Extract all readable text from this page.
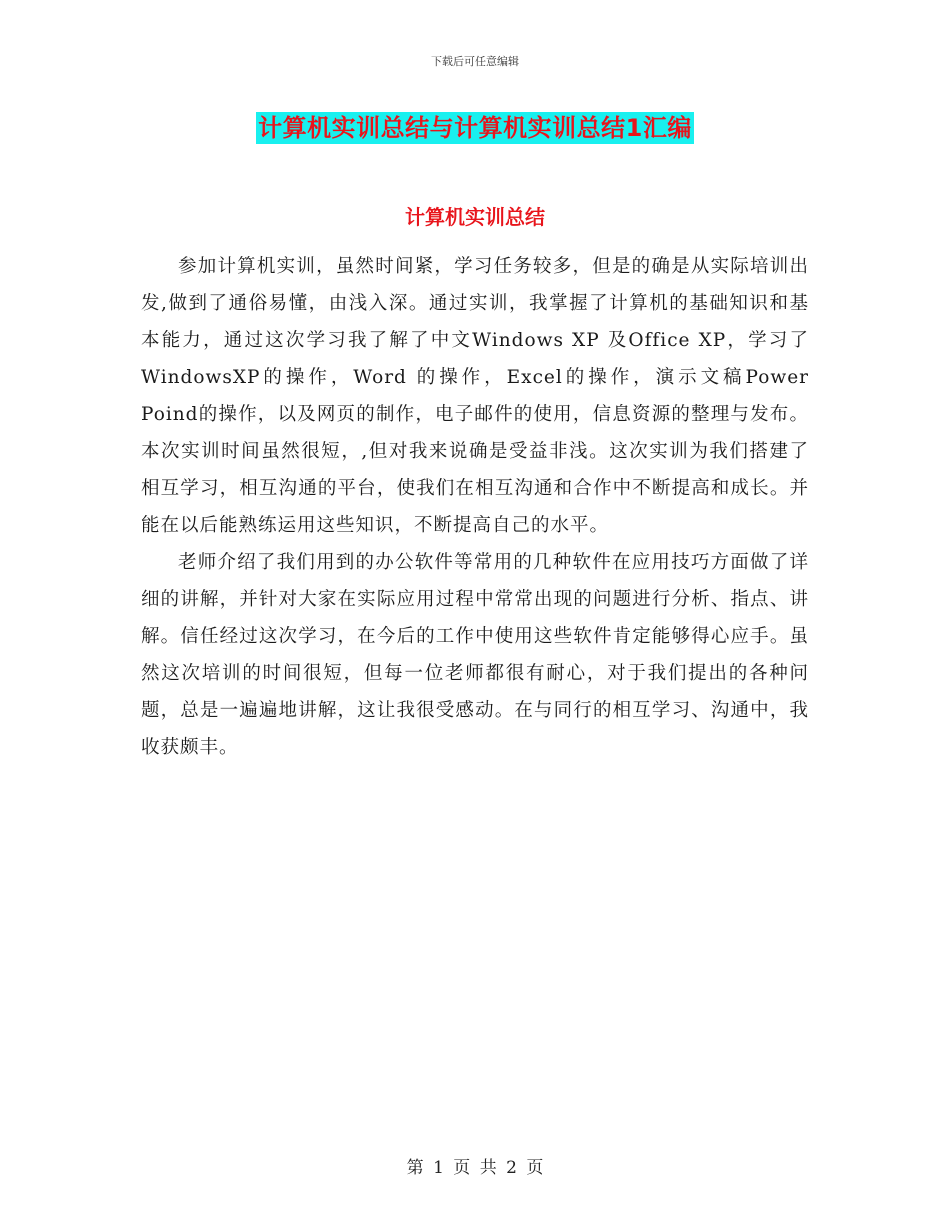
下载后可任意编辑
计算机实训总结与计算机实训总结1汇编
计算机实训总结

参加计算机实训，虽然时间紧，学习任务较多，但是的确是从实际培训出发,做到了通俗易懂，由浅入深。通过实训，我掌握了计算机的基础知识和基本能力，通过这次学习我了解了中文Windows XP 及Office XP，学习了WindowsXP的操作，Word 的操作，Excel的操作，演示文稿Power Poind的操作，以及网页的制作，电子邮件的使用，信息资源的整理与发布。本次实训时间虽然很短，,但对我来说确是受益非浅。这次实训为我们搭建了相互学习，相互沟通的平台，使我们在相互沟通和合作中不断提高和成长。并能在以后能熟练运用这些知识，不断提高自己的水平。

老师介绍了我们用到的办公软件等常用的几种软件在应用技巧方面做了详细的讲解，并针对大家在实际应用过程中常常出现的问题进行分析、指点、讲解。信任经过这次学习，在今后的工作中使用这些软件肯定能够得心应手。虽然这次培训的时间很短，但每一位老师都很有耐心，对于我们提出的各种问题，总是一遍遍地讲解，这让我很受感动。在与同行的相互学习、沟通中，我收获颇丰。

第 1 页 共 2 页
